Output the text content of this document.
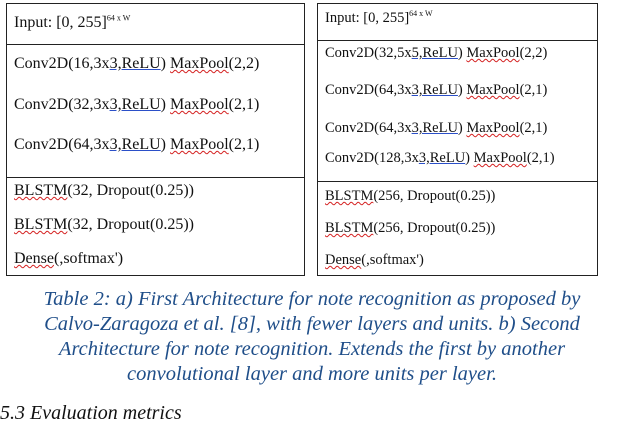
Input: [0, 255]$^{64 x W}$
Conv2D(16,3x3,ReLU) MaxPool(2,2)
Conv2D(32,3x3,ReLU) MaxPool(2,1)
Conv2D(64,3x3,ReLU) MaxPool(2,1)
BLSTM(32, Dropout(0.25))
BLSTM(32, Dropout(0.25))
Dense(,softmax')
Input: [0, 255]$^{64 x W}$
Conv2D(32,5x5,ReLU) MaxPool(2,2)
Conv2D(64,3x3,ReLU) MaxPool(2,1)
Conv2D(64,3x3,ReLU) MaxPool(2,1)
Conv2D(128,3x3,ReLU) MaxPool(2,1)
BLSTM(256, Dropout(0.25))
BLSTM(256, Dropout(0.25))
Dense(,softmax')
Table 2: a) First Architecture for note recognition as proposed by
Calvo-Zaragoza et al. [8], with fewer layers and units. b) Second
Architecture for note recognition. Extends the first by another
convolutional layer and more units per layer.
5.3 Evaluation metrics
